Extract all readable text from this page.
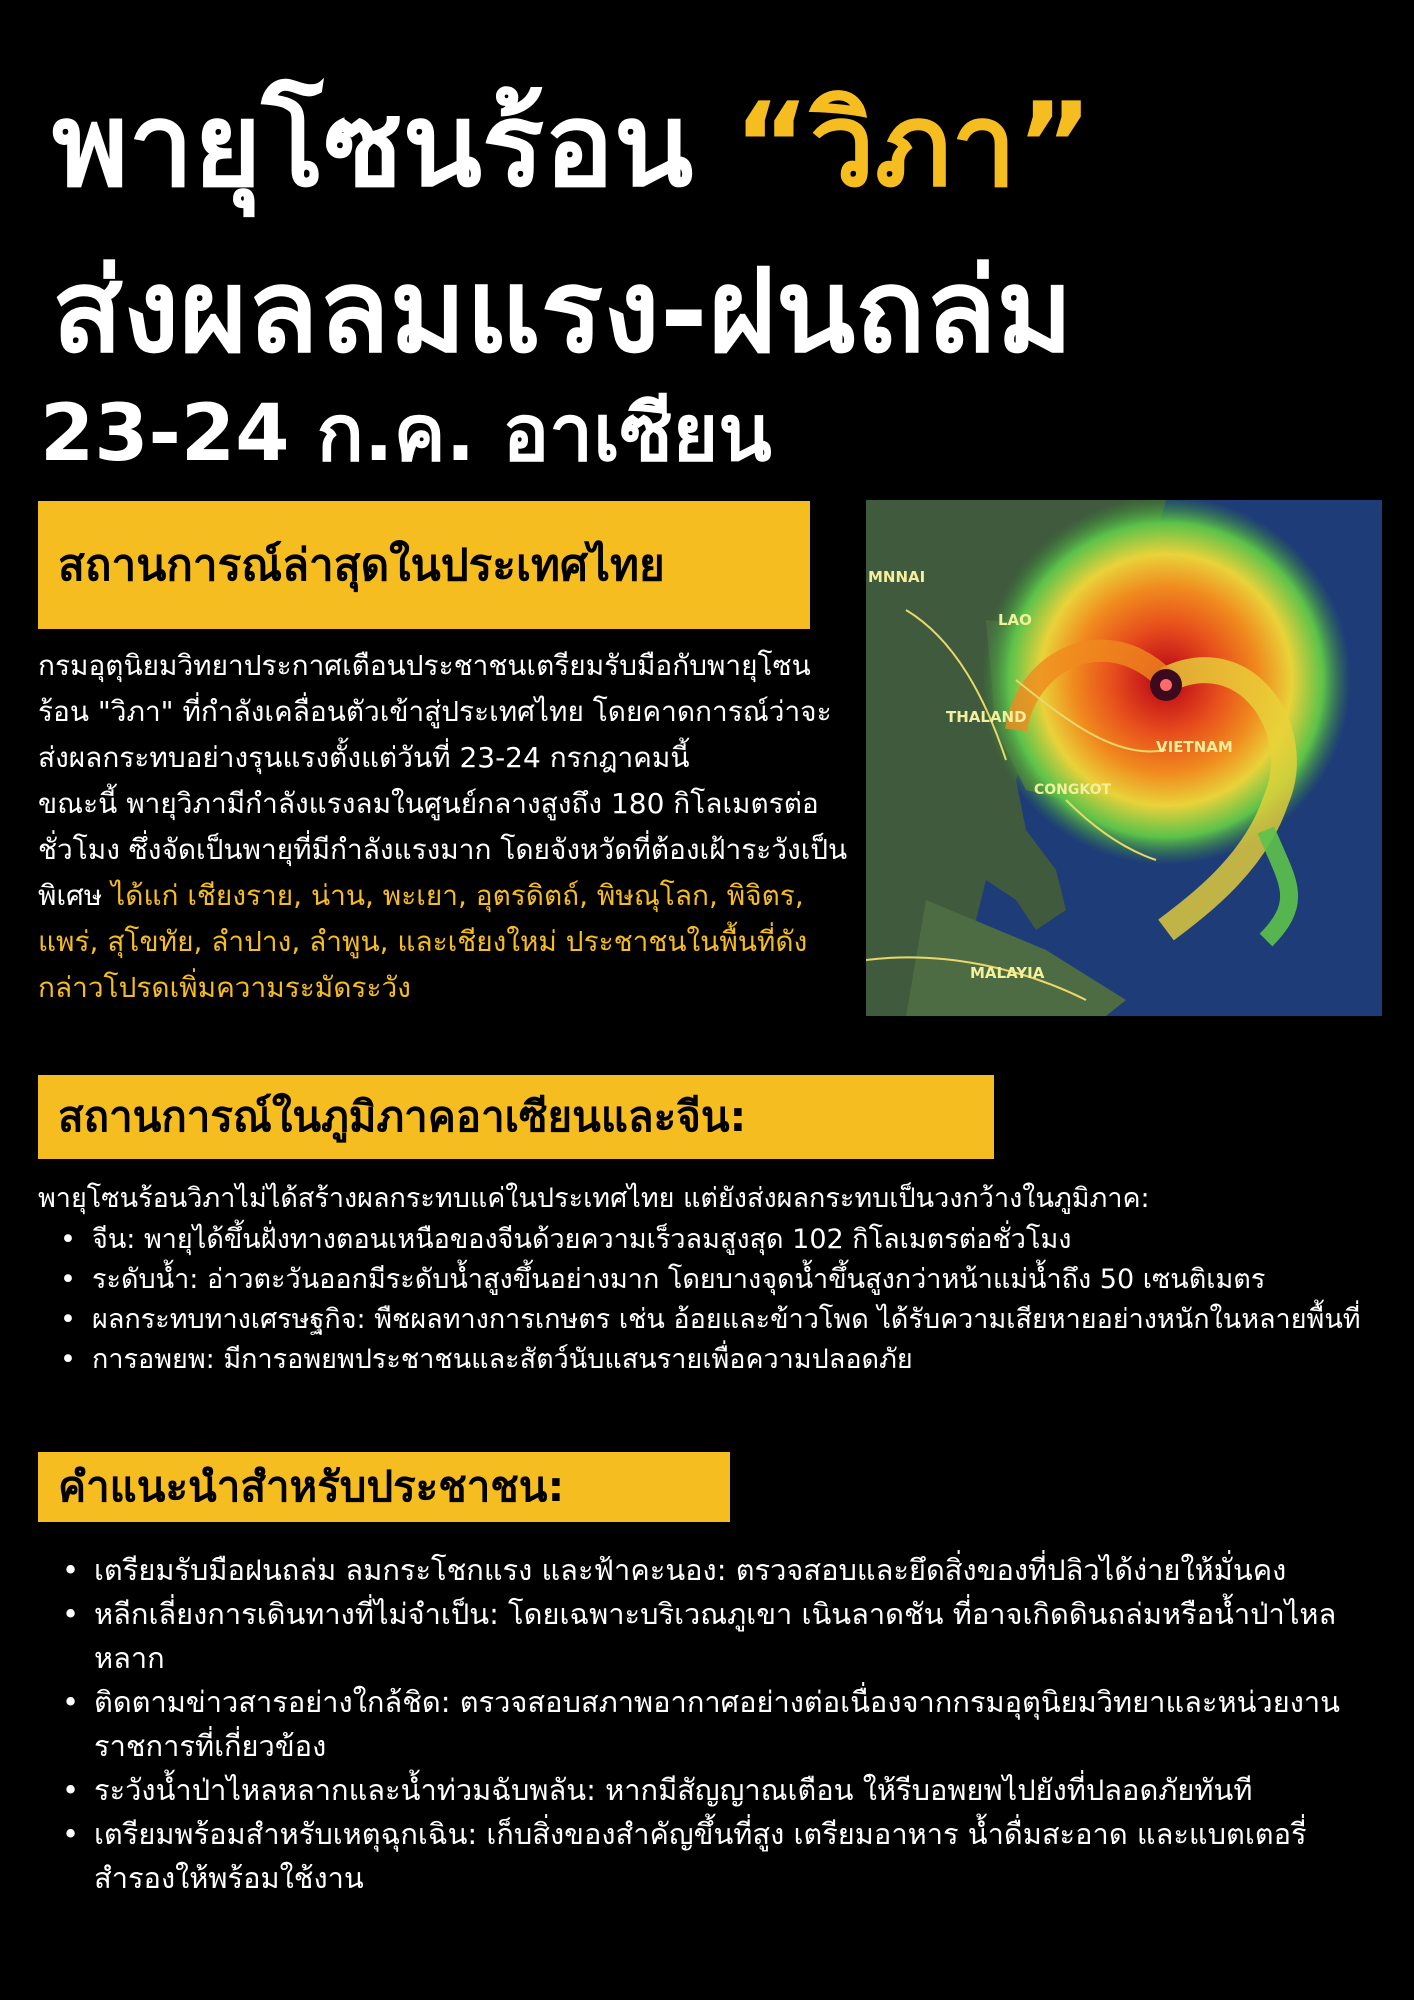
พายุโซนร้อน “วิภา”
ส่งผลลมแรง-ฝนถล่ม
23-24 ก.ค. อาเซียน
สถานการณ์ล่าสุดในประเทศไทย

กรมอุตุนิยมวิทยาประกาศเตือนประชาชนเตรียมรับมือกับพายุโซนร้อน "วิภา" ที่กำลังเคลื่อนตัวเข้าสู่ประเทศไทย โดยคาดการณ์ว่าจะส่งผลกระทบอย่างรุนแรงตั้งแต่วันที่ 23-24 กรกฎาคมนี้

ขณะนี้ พายุวิภามีกำลังแรงลมในศูนย์กลางสูงถึง 180 กิโลเมตรต่อชั่วโมง ซึ่งจัดเป็นพายุที่มีกำลังแรงมาก โดยจังหวัดที่ต้องเฝ้าระวังเป็นพิเศษ ได้แก่ เชียงราย, น่าน, พะเยา, อุตรดิตถ์, พิษณุโลก, พิจิตร, แพร่, สุโขทัย, ลำปาง, ลำพูน, และเชียงใหม่ ประชาชนในพื้นที่ดังกล่าวโปรดเพิ่มความระมัดระวัง

MNNAI
LAO
THALAND
VIETNAM
CONGKOT
MALAYIA
สถานการณ์ในภูมิภาคอาเซียนและจีน:
พายุโซนร้อนวิภาไม่ได้สร้างผลกระทบแค่ในประเทศไทย แต่ยังส่งผลกระทบเป็นวงกว้างในภูมิภาค:
• จีน: พายุได้ขึ้นฝั่งทางตอนเหนือของจีนด้วยความเร็วลมสูงสุด 102 กิโลเมตรต่อชั่วโมง
• ระดับน้ำ: อ่าวตะวันออกมีระดับน้ำสูงขึ้นอย่างมาก โดยบางจุดน้ำขึ้นสูงกว่าหน้าแม่น้ำถึง 50 เซนติเมตร
• ผลกระทบทางเศรษฐกิจ: พืชผลทางการเกษตร เช่น อ้อยและข้าวโพด ได้รับความเสียหายอย่างหนักในหลายพื้นที่
• การอพยพ: มีการอพยพประชาชนและสัตว์นับแสนรายเพื่อความปลอดภัย
คำแนะนำสำหรับประชาชน:
• เตรียมรับมือฝนถล่ม ลมกระโชกแรง และฟ้าคะนอง: ตรวจสอบและยึดสิ่งของที่ปลิวได้ง่ายให้มั่นคง
• หลีกเลี่ยงการเดินทางที่ไม่จำเป็น: โดยเฉพาะบริเวณภูเขา เนินลาดชัน ที่อาจเกิดดินถล่มหรือน้ำป่าไหลหลาก
• ติดตามข่าวสารอย่างใกล้ชิด: ตรวจสอบสภาพอากาศอย่างต่อเนื่องจากกรมอุตุนิยมวิทยาและหน่วยงานราชการที่เกี่ยวข้อง
• ระวังน้ำป่าไหลหลากและน้ำท่วมฉับพลัน: หากมีสัญญาณเตือน ให้รีบอพยพไปยังที่ปลอดภัยทันที
• เตรียมพร้อมสำหรับเหตุฉุกเฉิน: เก็บสิ่งของสำคัญขึ้นที่สูง เตรียมอาหาร น้ำดื่มสะอาด และแบตเตอรี่สำรองให้พร้อมใช้งาน
